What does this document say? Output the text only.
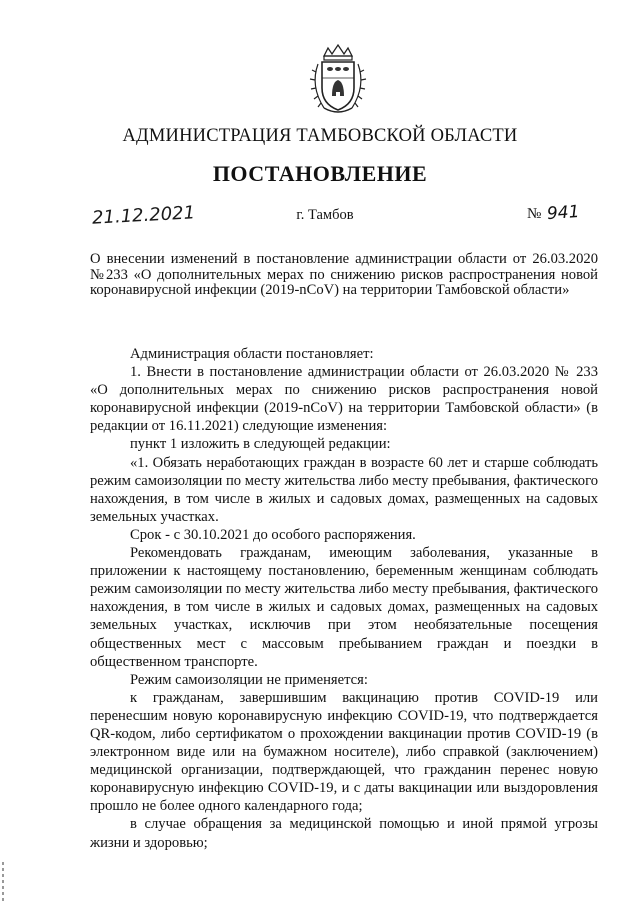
АДМИНИСТРАЦИЯ ТАМБОВСКОЙ ОБЛАСТИ
ПОСТАНОВЛЕНИЕ
21.12.2021	г. Тамбов	№ 941
О внесении изменений в постановление администрации области от 26.03.2020 №233 «О дополнительных мерах по снижению рисков распространения новой коронавирусной инфекции (2019-nCoV) на территории Тамбовской области»

Администрация области постановляет:

1. Внести в постановление администрации области от 26.03.2020 № 233 «О дополнительных мерах по снижению рисков распространения новой коронавирусной инфекции (2019-nCoV) на территории Тамбовской области» (в редакции от 16.11.2021) следующие изменения:

пункт 1 изложить в следующей редакции:

«1. Обязать неработающих граждан в возрасте 60 лет и старше соблюдать режим самоизоляции по месту жительства либо месту пребывания, фактического нахождения, в том числе в жилых и садовых домах, размещенных на садовых земельных участках.

Срок - с 30.10.2021 до особого распоряжения.

Рекомендовать гражданам, имеющим заболевания, указанные в приложении к настоящему постановлению, беременным женщинам соблюдать режим самоизоляции по месту жительства либо месту пребывания, фактического нахождения, в том числе в жилых и садовых домах, размещенных на садовых земельных участках, исключив при этом необязательные посещения общественных мест с массовым пребыванием граждан и поездки в общественном транспорте.

Режим самоизоляции не применяется:

к гражданам, завершившим вакцинацию против COVID-19 или перенесшим новую коронавирусную инфекцию COVID-19, что подтверждается QR-кодом, либо сертификатом о прохождении вакцинации против COVID-19 (в электронном виде или на бумажном носителе), либо справкой (заключением) медицинской организации, подтверждающей, что гражданин перенес новую коронавирусную инфекцию COVID-19, и с даты вакцинации или выздоровления прошло не более одного календарного года;

в случае обращения за медицинской помощью и иной прямой угрозы жизни и здоровью;
